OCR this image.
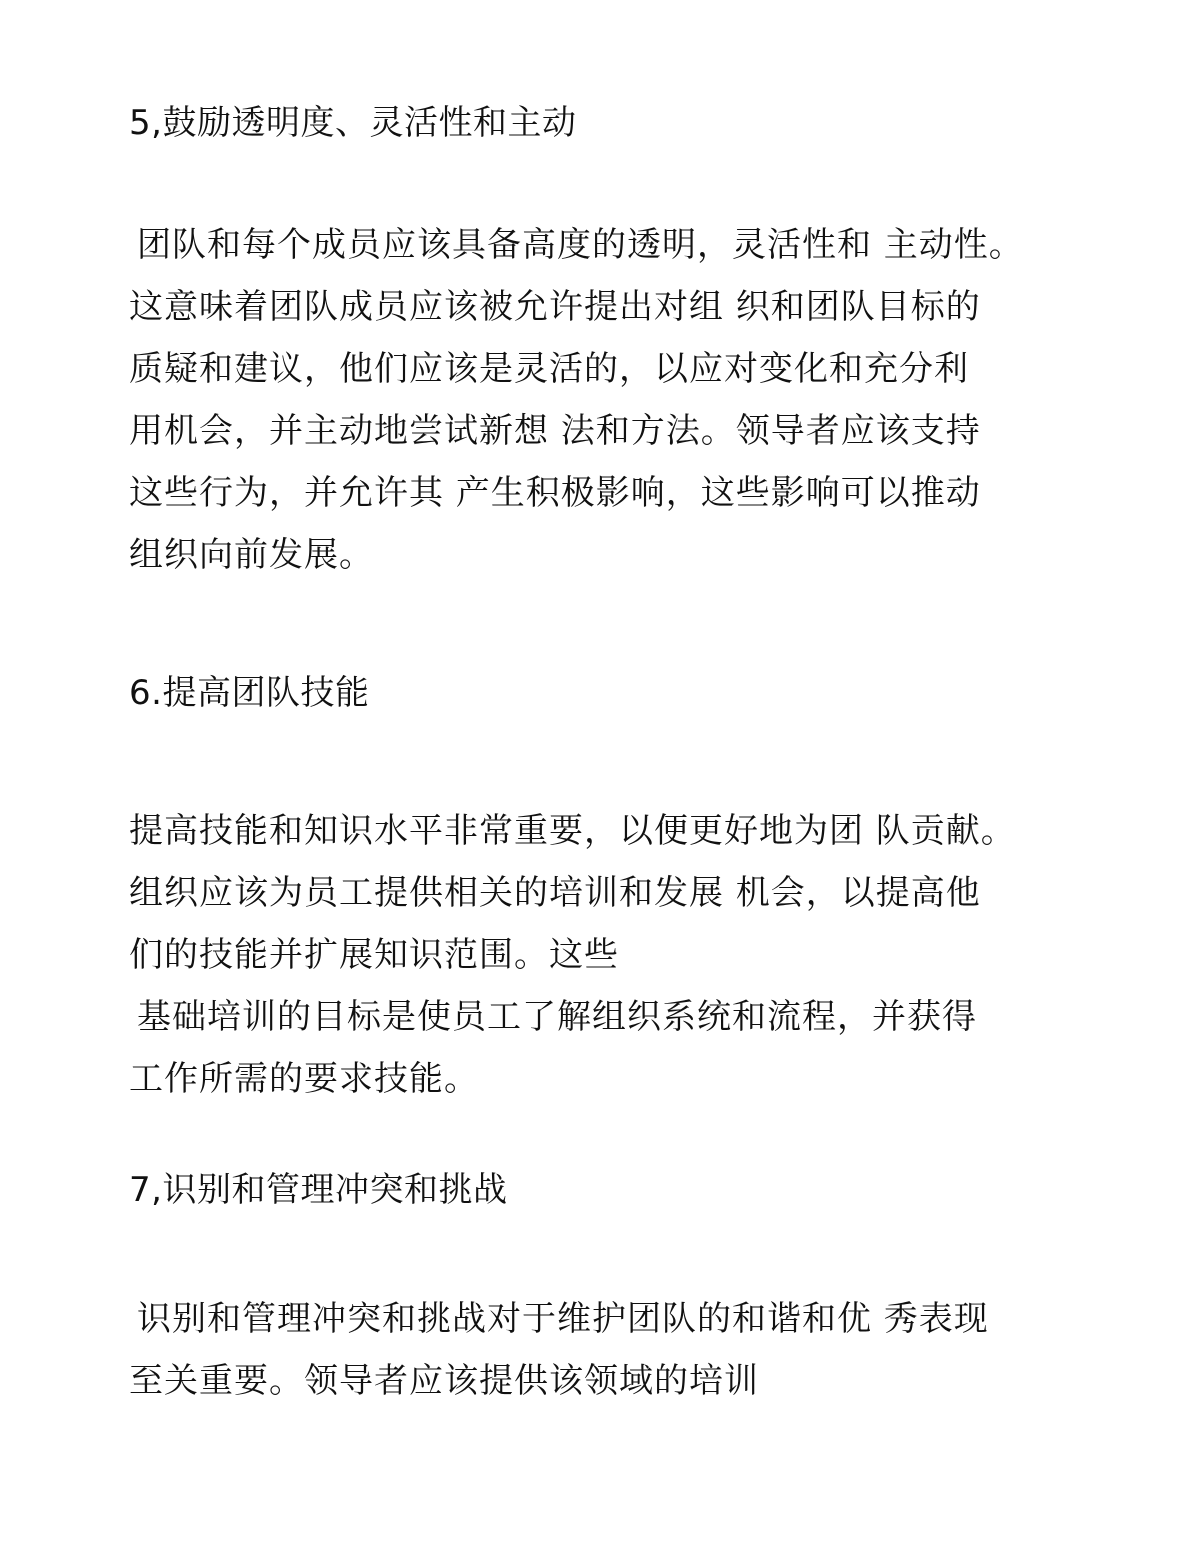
5,鼓励透明度、灵活性和主动
团队和每个成员应该具备高度的透明，灵活性和 主动性。
这意味着团队成员应该被允许提出对组 织和团队目标的
质疑和建议，他们应该是灵活的，以应对变化和充分利
用机会，并主动地尝试新想 法和方法。领导者应该支持
这些行为，并允许其 产生积极影响，这些影响可以推动
组织向前发展。
6.提高团队技能
提高技能和知识水平非常重要，以便更好地为团 队贡献。
组织应该为员工提供相关的培训和发展 机会，以提高他
们的技能并扩展知识范围。这些
基础培训的目标是使员工了解组织系统和流程，并获得
工作所需的要求技能。
7,识别和管理冲突和挑战
识别和管理冲突和挑战对于维护团队的和谐和优 秀表现
至关重要。领导者应该提供该领域的培训
